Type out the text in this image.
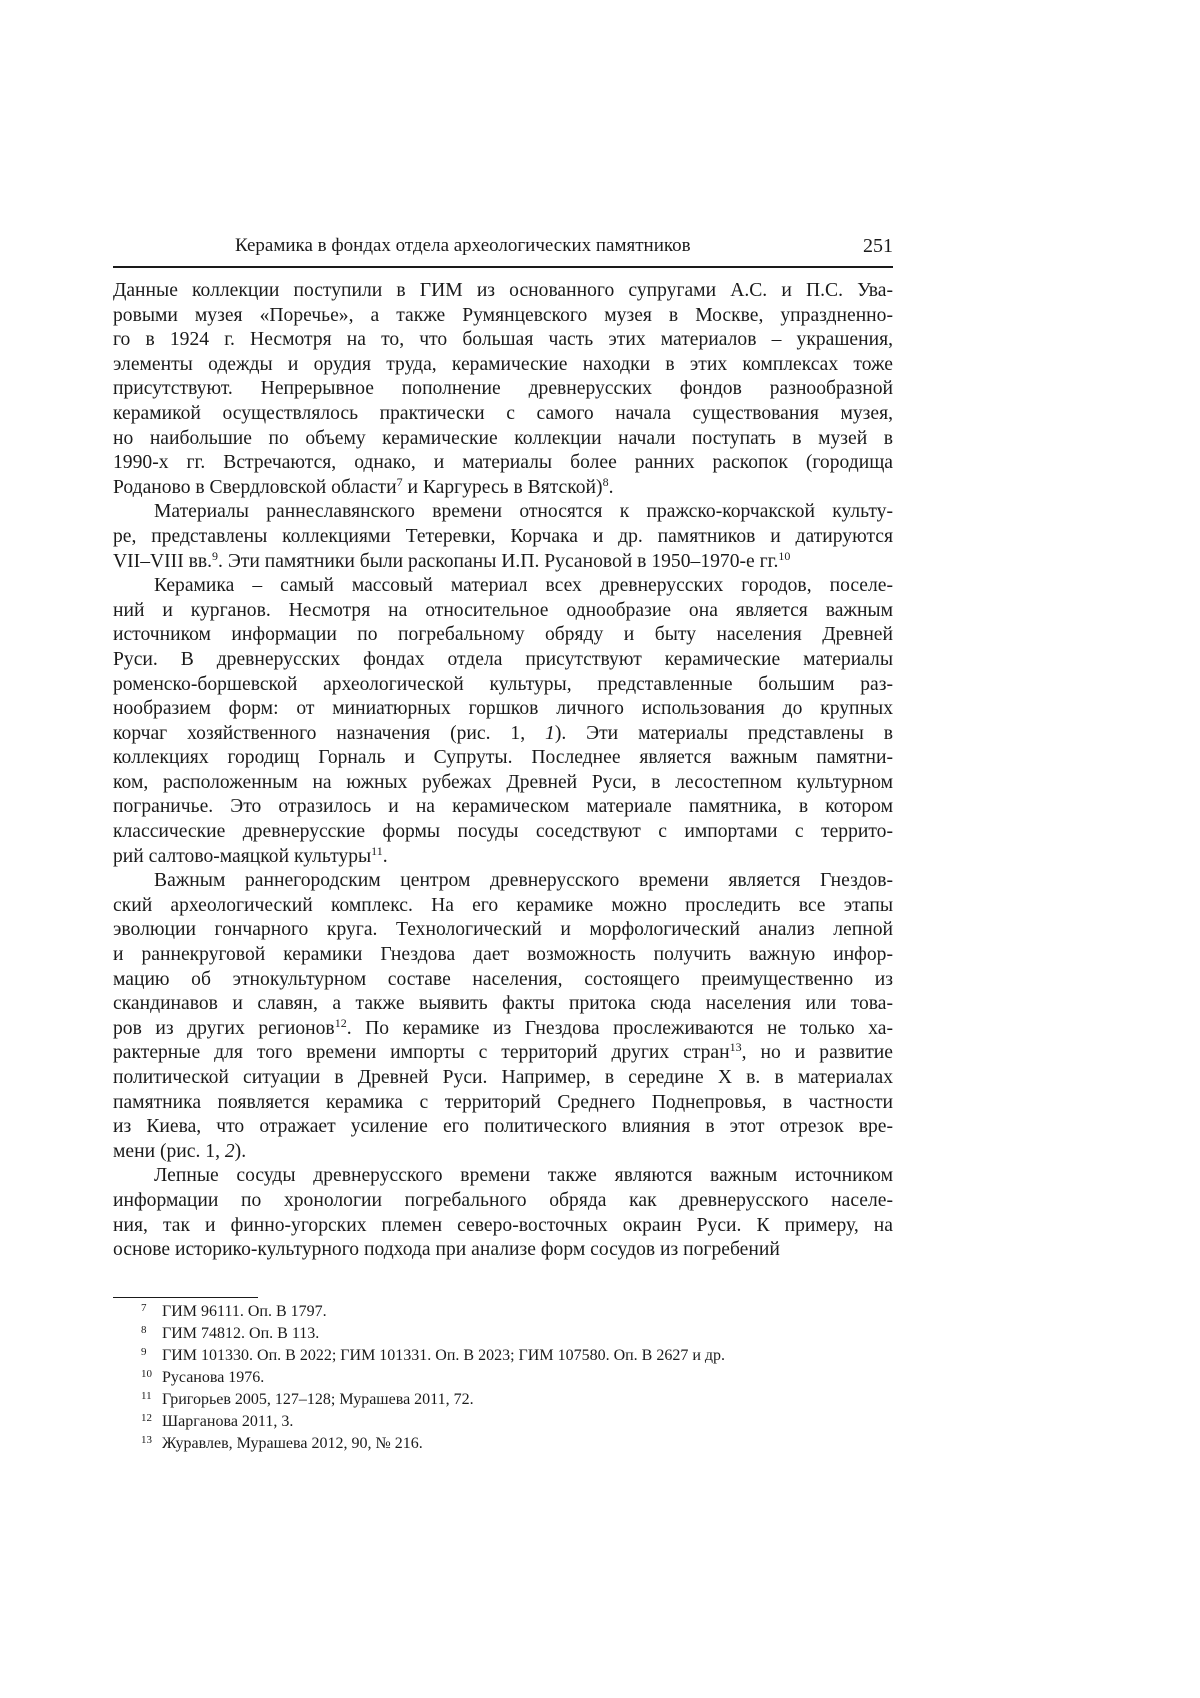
Керамика в фондах отдела археологических памятников	251
Данные коллекции поступили в ГИМ из основанного супругами А.С. и П.С. Ува-
ровыми музея «Поречье», а также Румянцевского музея в Москве, упраздненно-
го в 1924 г. Несмотря на то, что большая часть этих материалов – украшения,
элементы одежды и орудия труда, керамические находки в этих комплексах тоже
присутствуют. Непрерывное пополнение древнерусских фондов разнообразной
керамикой осуществлялось практически с самого начала существования музея,
но наибольшие по объему керамические коллекции начали поступать в музей в
1990-х гг. Встречаются, однако, и материалы более ранних раскопок (городища
Роданово в Свердловской области$^7$ и Каргуресь в Вятской)$^8$.
Материалы раннеславянского времени относятся к пражско-корчакской культу-
ре, представлены коллекциями Тетеревки, Корчака и др. памятников и датируются
VII–VIII вв.$^9$. Эти памятники были раскопаны И.П. Русановой в 1950–1970-е гг.$^{10}$
Керамика – самый массовый материал всех древнерусских городов, поселе-
ний и курганов. Несмотря на относительное однообразие она является важным
источником информации по погребальному обряду и быту населения Древней
Руси. В древнерусских фондах отдела присутствуют керамические материалы
роменско-боршевской археологической культуры, представленные большим раз-
нообразием форм: от миниатюрных горшков личного использования до крупных
корчаг хозяйственного назначения (рис. 1, 1). Эти материалы представлены в
коллекциях городищ Горналь и Супруты. Последнее является важным памятни-
ком, расположенным на южных рубежах Древней Руси, в лесостепном культурном
пограничье. Это отразилось и на керамическом материале памятника, в котором
классические древнерусские формы посуды соседствуют с импортами с террито-
рий салтово-маяцкой культуры$^{11}$.
Важным раннегородским центром древнерусского времени является Гнездов-
ский археологический комплекс. На его керамике можно проследить все этапы
эволюции гончарного круга. Технологический и морфологический анализ лепной
и раннекруговой керамики Гнездова дает возможность получить важную инфор-
мацию об этнокультурном составе населения, состоящего преимущественно из
скандинавов и славян, а также выявить факты притока сюда населения или това-
ров из других регионов$^{12}$. По керамике из Гнездова прослеживаются не только ха-
рактерные для того времени импорты с территорий других стран$^{13}$, но и развитие
политической ситуации в Древней Руси. Например, в середине X в. в материалах
памятника появляется керамика с территорий Среднего Поднепровья, в частности
из Киева, что отражает усиление его политического влияния в этот отрезок вре-
мени (рис. 1, 2).
Лепные сосуды древнерусского времени также являются важным источником
информации по хронологии погребального обряда как древнерусского населе-
ния, так и финно-угорских племен северо-восточных окраин Руси. К примеру, на
основе историко-культурного подхода при анализе форм сосудов из погребений
7 ГИМ 96111. Оп. В 1797.
8 ГИМ 74812. Оп. В 113.
9 ГИМ 101330. Оп. В 2022; ГИМ 101331. Оп. В 2023; ГИМ 107580. Оп. В 2627 и др.
10 Русанова 1976.
11 Григорьев 2005, 127–128; Мурашева 2011, 72.
12 Шарганова 2011, 3.
13 Журавлев, Мурашева 2012, 90, № 216.
